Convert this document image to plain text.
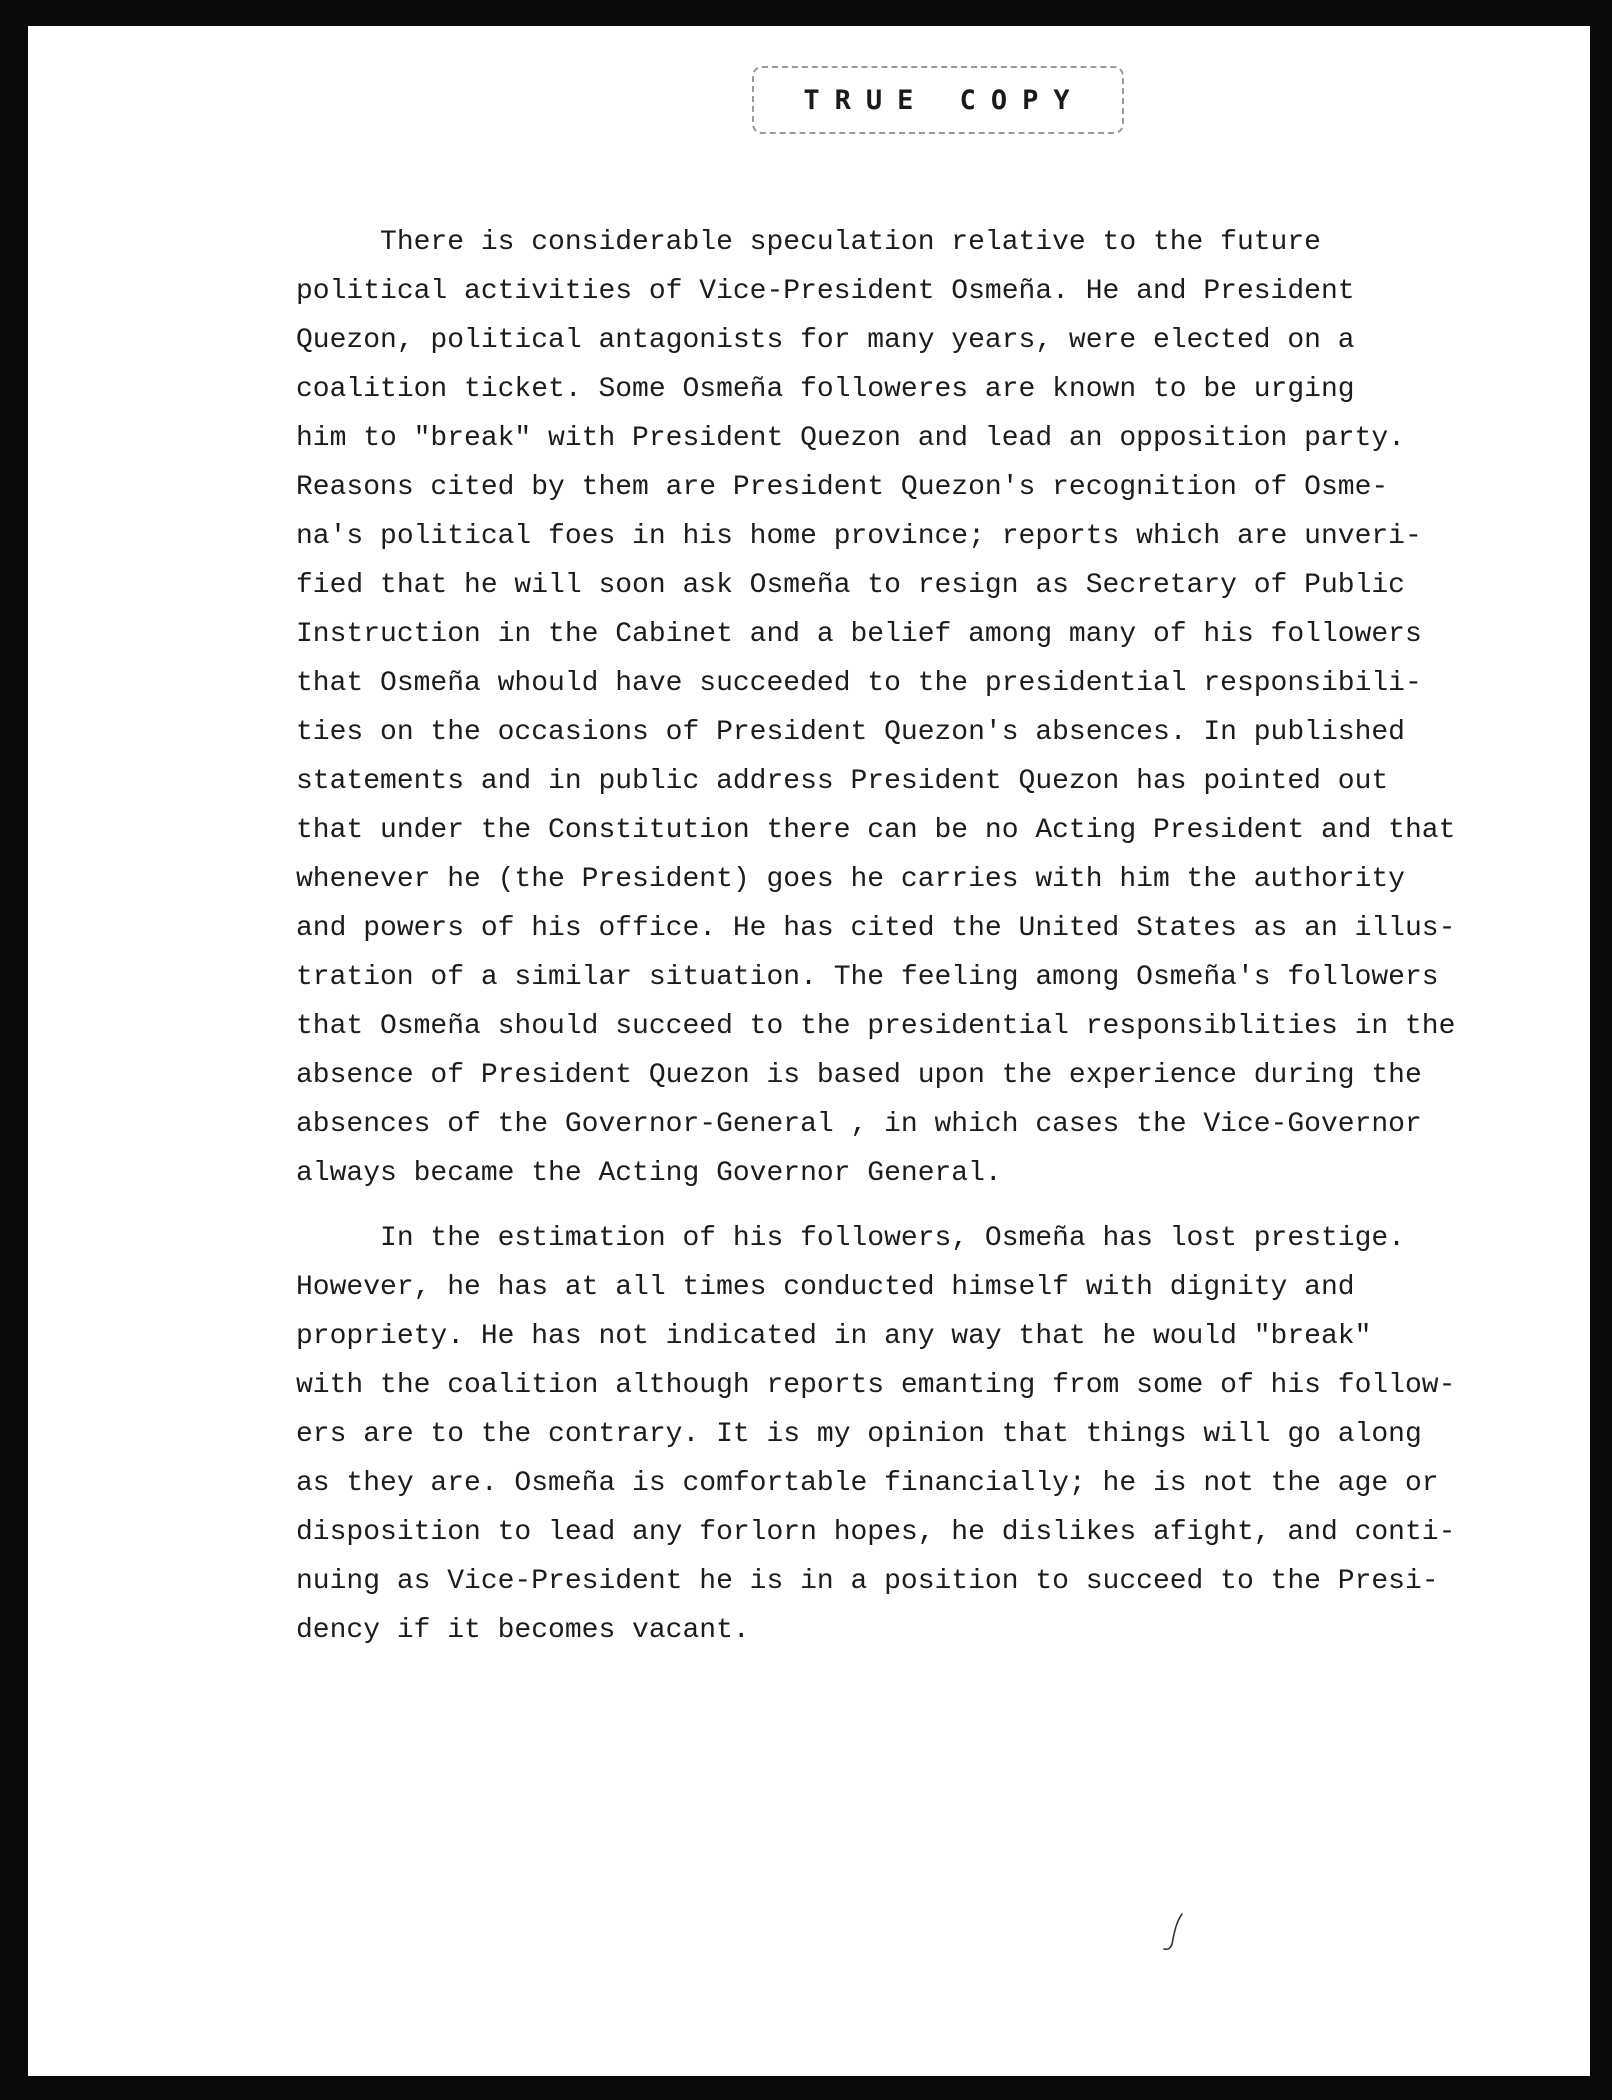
TRUE COPY
There is considerable speculation relative to the future
political activities of Vice-President Osmeña. He and President
Quezon, political antagonists for many years, were elected on a
coalition ticket. Some Osmeña followeres are known to be urging
him to "break" with President Quezon and lead an opposition party.
Reasons cited by them are President Quezon's recognition of Osme-
na's political foes in his home province; reports which are unveri-
fied that he will soon ask Osmeña to resign as Secretary of Public
Instruction in the Cabinet and a belief among many of his followers
that Osmeña whould have succeeded to the presidential responsibili-
ties on the occasions of President Quezon's absences. In published
statements and in public address President Quezon has pointed out
that under the Constitution there can be no Acting President and that
whenever he (the President) goes he carries with him the authority
and powers of his office. He has cited the United States as an illus-
tration of a similar situation. The feeling among Osmeña's followers
that Osmeña should succeed to the presidential responsiblities in the
absence of President Quezon is based upon the experience during the
absences of the Governor-General , in which cases the Vice-Governor
always became the Acting Governor General.
In the estimation of his followers, Osmeña has lost prestige.
However, he has at all times conducted himself with dignity and
propriety. He has not indicated in any way that he would "break"
with the coalition although reports emanting from some of his follow-
ers are to the contrary. It is my opinion that things will go along
as they are. Osmeña is comfortable financially; he is not the age or
disposition to lead any forlorn hopes, he dislikes afight, and conti-
nuing as Vice-President he is in a position to succeed to the Presi-
dency if it becomes vacant.
